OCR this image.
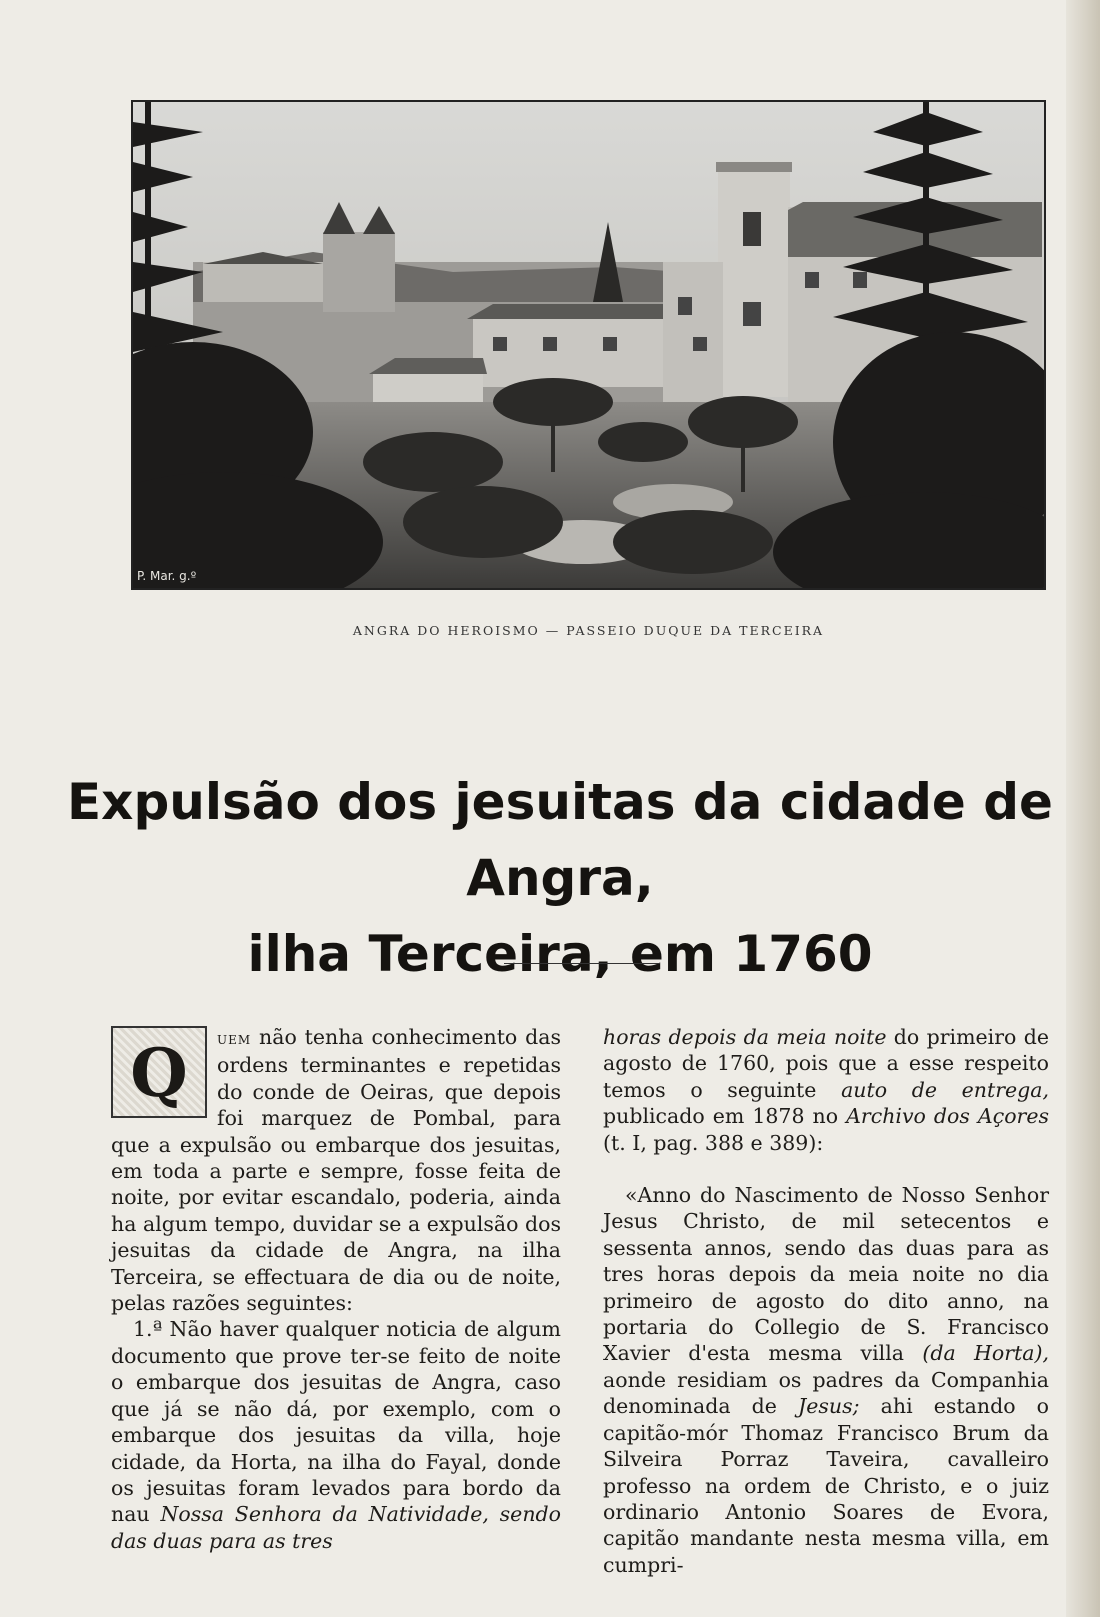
P. Mar. g.º
ANGRA DO HEROISMO — PASSEIO DUQUE DA TERCEIRA
Expulsão dos jesuitas da cidade de Angra,
ilha Terceira, em 1760
Q	uem não tenha conhecimento das ordens terminantes e repetidas do conde de Oeiras, que depois foi marquez de Pombal, para que a expulsão ou embarque dos jesuitas, em toda a parte e sempre, fosse feita de noite, por evitar escandalo, poderia, ainda ha algum tempo, duvidar se a expulsão dos jesuitas da cidade de Angra, na ilha Terceira, se effectuara de dia ou de noite, pelas razões seguintes:

1.ª Não haver qualquer noticia de algum documento que prove ter-se feito de noite o embarque dos jesuitas de Angra, caso que já se não dá, por exemplo, com o embarque dos jesuitas da villa, hoje cidade, da Horta, na ilha do Fayal, donde os jesuitas foram levados para bordo da nau Nossa Senhora da Natividade, sendo das duas para as tres

horas depois da meia noite do primeiro de agosto de 1760, pois que a esse respeito temos o seguinte auto de entrega, publicado em 1878 no Archivo dos Açores (t. I, pag. 388 e 389):

«Anno do Nascimento de Nosso Senhor Jesus Christo, de mil setecentos e sessenta annos, sendo das duas para as tres horas depois da meia noite no dia primeiro de agosto do dito anno, na portaria do Collegio de S. Francisco Xavier d'esta mesma villa (da Horta), aonde residiam os padres da Companhia denominada de Jesus; ahi estando o capitão-mór Thomaz Francisco Brum da Silveira Porraz Taveira, cavalleiro professo na ordem de Christo, e o juiz ordinario Antonio Soares de Evora, capitão mandante nesta mesma villa, em cumpri-
